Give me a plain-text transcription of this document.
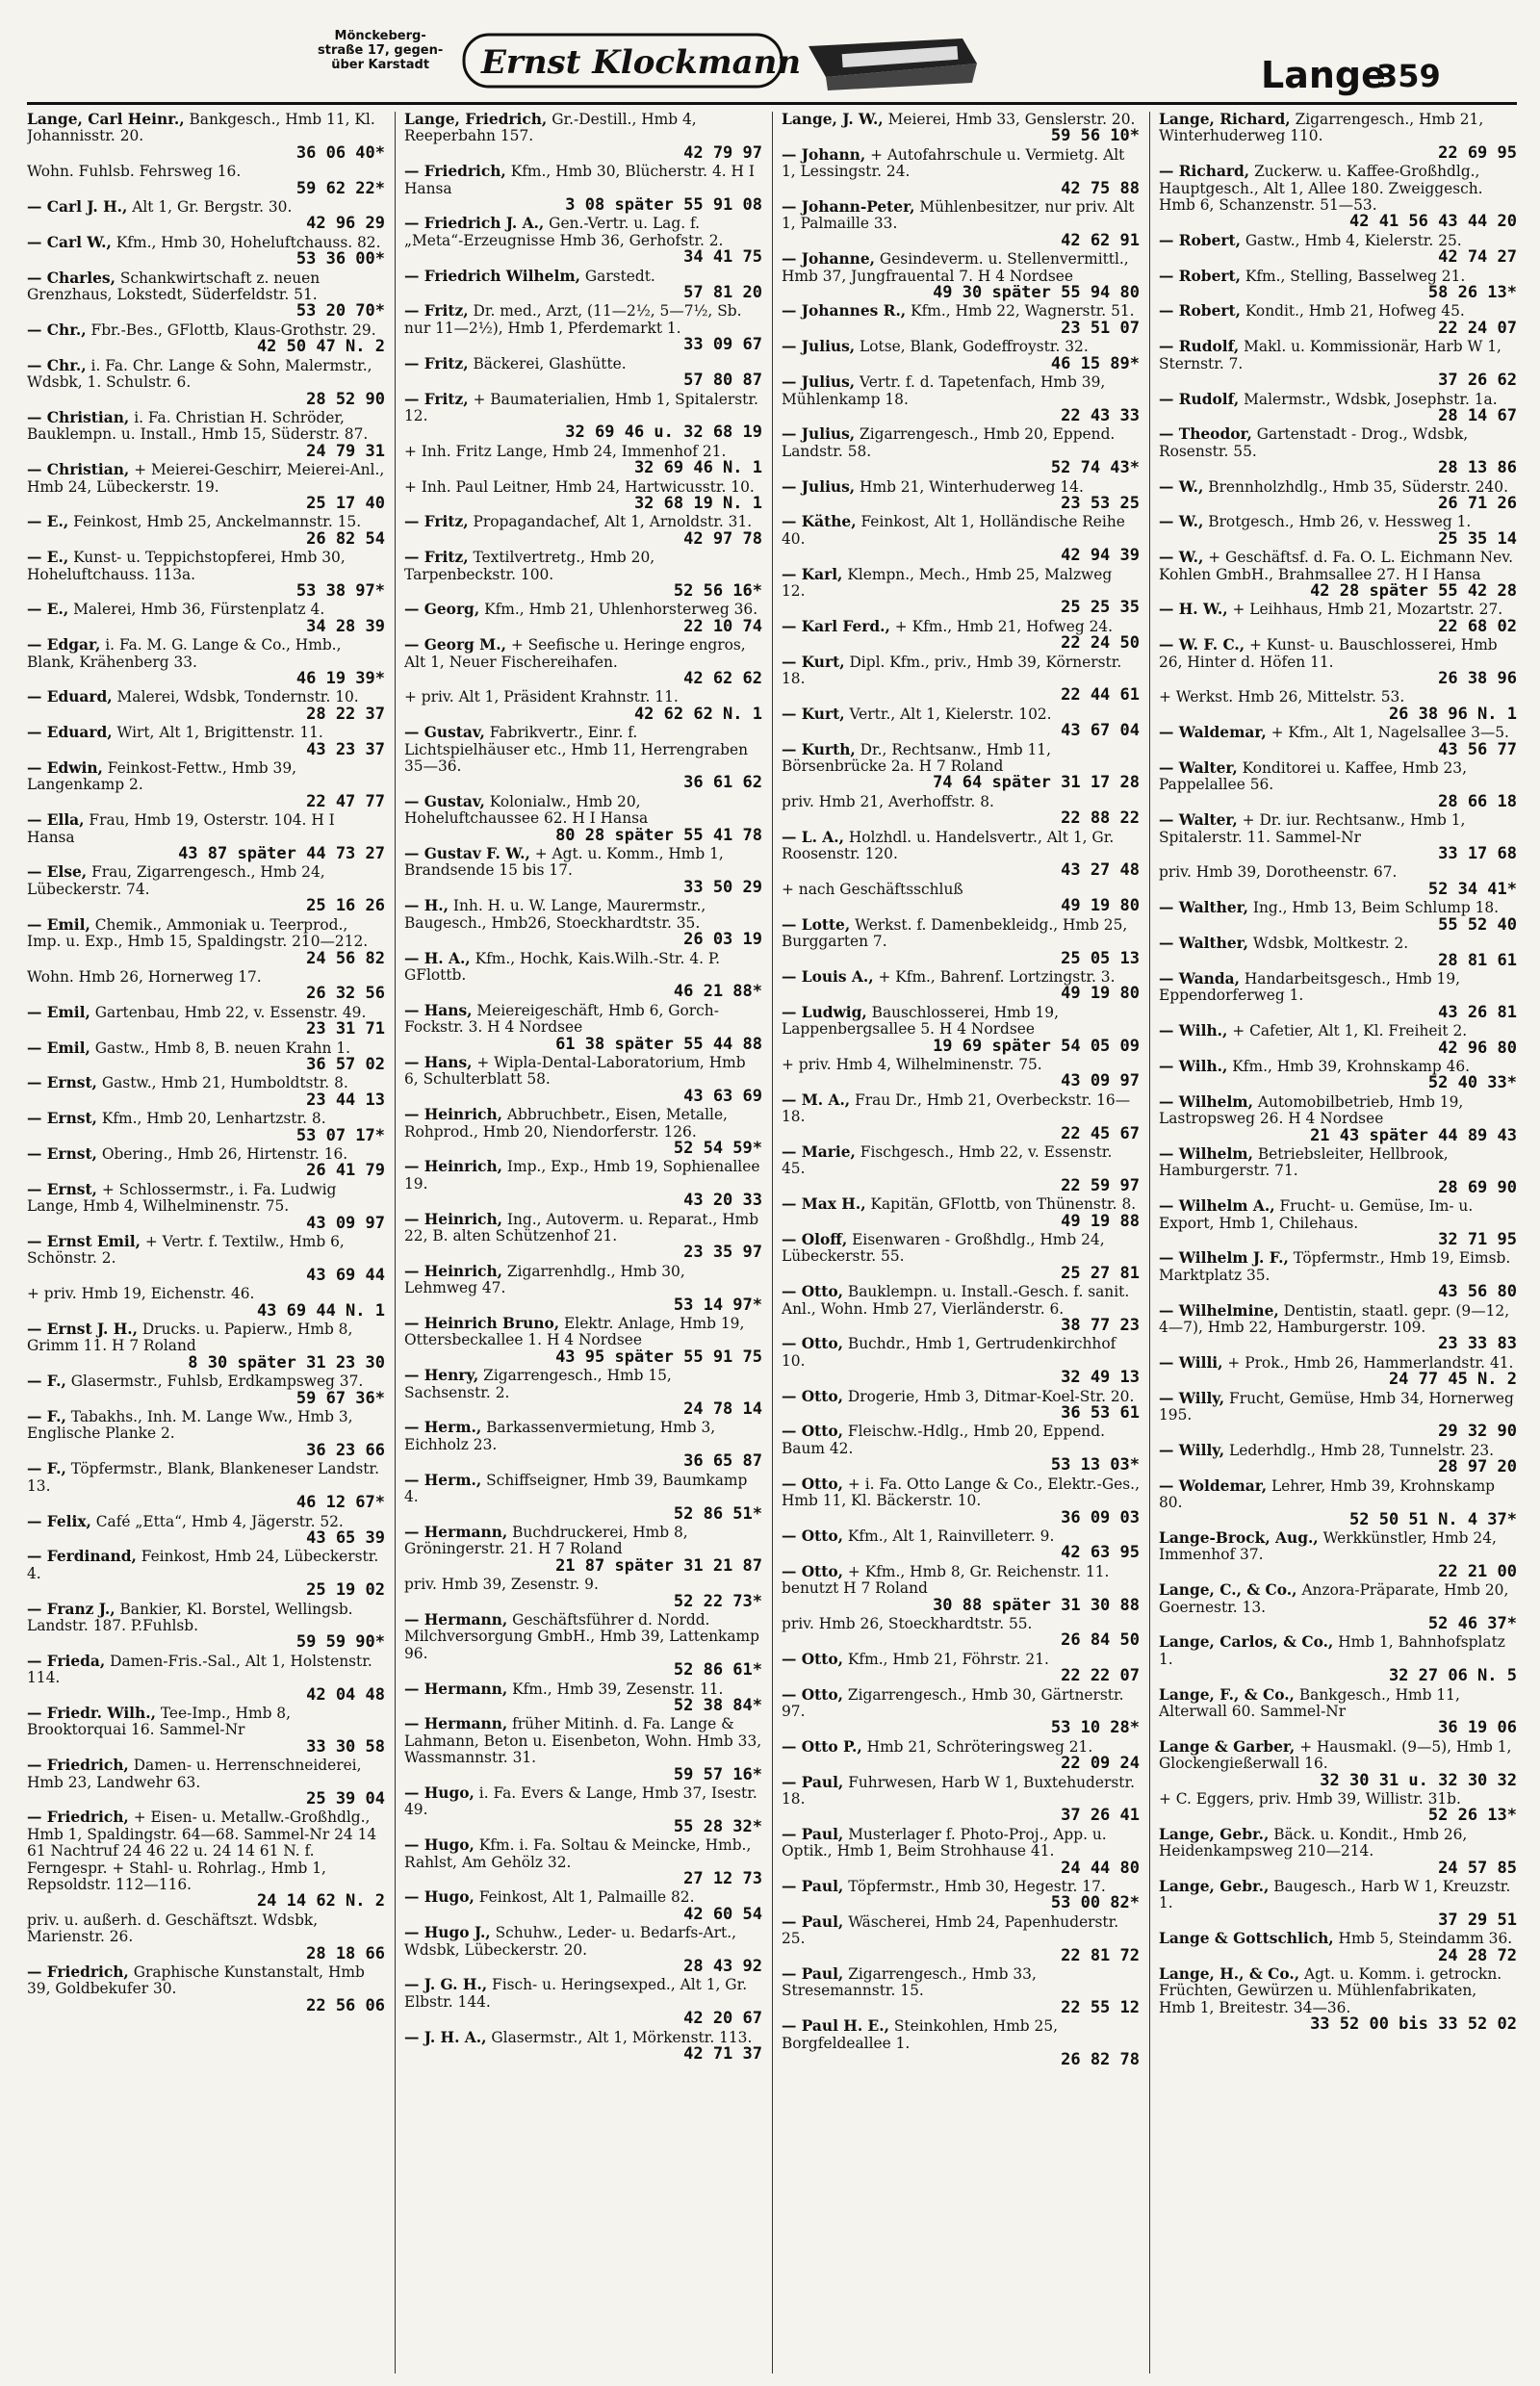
Mönckeberg-
straße 17, gegen-
über Karstadt	Ernst Klockmann	Lange
359
Lange, Carl Heinr., Bankgesch., Hmb 11, Kl. Johannisstr. 20.
36 06 40*
Wohn. Fuhlsb. Fehrsweg 16.
59 62 22*
— Carl J. H., Alt 1, Gr. Bergstr. 30.
42 96 29
— Carl W., Kfm., Hmb 30, Hoheluftchauss. 82.
53 36 00*
— Charles, Schankwirtschaft z. neuen Grenzhaus, Lokstedt, Süderfeldstr. 51.
53 20 70*
— Chr., Fbr.-Bes., GFlottb, Klaus-Grothstr. 29.
42 50 47 N. 2
— Chr., i. Fa. Chr. Lange & Sohn, Malermstr., Wdsbk, 1. Schulstr. 6.
28 52 90
— Christian, i. Fa. Christian H. Schröder, Bauklempn. u. Install., Hmb 15, Süderstr. 87.
24 79 31
— Christian, + Meierei-Geschirr, Meierei-Anl., Hmb 24, Lübeckerstr. 19.
25 17 40
— E., Feinkost, Hmb 25, Anckelmannstr. 15.
26 82 54
— E., Kunst- u. Teppichstopferei, Hmb 30, Hoheluftchauss. 113a.
53 38 97*
— E., Malerei, Hmb 36, Fürstenplatz 4.
34 28 39
— Edgar, i. Fa. M. G. Lange & Co., Hmb., Blank, Krähenberg 33.
46 19 39*
— Eduard, Malerei, Wdsbk, Tondernstr. 10.
28 22 37
— Eduard, Wirt, Alt 1, Brigittenstr. 11.
43 23 37
— Edwin, Feinkost-Fettw., Hmb 39, Langenkamp 2.
22 47 77
— Ella, Frau, Hmb 19, Osterstr. 104. H I Hansa
43 87 später 44 73 27
— Else, Frau, Zigarrengesch., Hmb 24, Lübeckerstr. 74.
25 16 26
— Emil, Chemik., Ammoniak u. Teerprod., Imp. u. Exp., Hmb 15, Spaldingstr. 210—212.
24 56 82
Wohn. Hmb 26, Hornerweg 17.
26 32 56
— Emil, Gartenbau, Hmb 22, v. Essenstr. 49.
23 31 71
— Emil, Gastw., Hmb 8, B. neuen Krahn 1.
36 57 02
— Ernst, Gastw., Hmb 21, Humboldtstr. 8.
23 44 13
— Ernst, Kfm., Hmb 20, Lenhartzstr. 8.
53 07 17*
— Ernst, Obering., Hmb 26, Hirtenstr. 16.
26 41 79
— Ernst, + Schlossermstr., i. Fa. Ludwig Lange, Hmb 4, Wilhelminenstr. 75.
43 09 97
— Ernst Emil, + Vertr. f. Textilw., Hmb 6, Schönstr. 2.
43 69 44
+ priv. Hmb 19, Eichenstr. 46.
43 69 44 N. 1
— Ernst J. H., Drucks. u. Papierw., Hmb 8, Grimm 11. H 7 Roland
8 30 später 31 23 30
— F., Glasermstr., Fuhlsb, Erdkampsweg 37.
59 67 36*
— F., Tabakhs., Inh. M. Lange Ww., Hmb 3, Englische Planke 2.
36 23 66
— F., Töpfermstr., Blank, Blankeneser Landstr. 13.
46 12 67*
— Felix, Café „Etta“, Hmb 4, Jägerstr. 52.
43 65 39
— Ferdinand, Feinkost, Hmb 24, Lübeckerstr. 4.
25 19 02
— Franz J., Bankier, Kl. Borstel, Wellingsb. Landstr. 187. P.Fuhlsb.
59 59 90*
— Frieda, Damen-Fris.-Sal., Alt 1, Holstenstr. 114.
42 04 48
— Friedr. Wilh., Tee-Imp., Hmb 8, Brooktorquai 16. Sammel-Nr
33 30 58
— Friedrich, Damen- u. Herrenschneiderei, Hmb 23, Landwehr 63.
25 39 04
— Friedrich, + Eisen- u. Metallw.-Großhdlg., Hmb 1, Spaldingstr. 64—68. Sammel-Nr 24 14 61 Nachtruf 24 46 22 u. 24 14 61 N. f. Ferngespr. + Stahl- u. Rohrlag., Hmb 1, Repsoldstr. 112—116.
24 14 62 N. 2
priv. u. außerh. d. Geschäftszt. Wdsbk, Marienstr. 26.
28 18 66
— Friedrich, Graphische Kunstanstalt, Hmb 39, Goldbekufer 30.
22 56 06
Lange, Friedrich, Gr.-Destill., Hmb 4, Reeperbahn 157.
42 79 97
— Friedrich, Kfm., Hmb 30, Blücherstr. 4. H I Hansa
3 08 später 55 91 08
— Friedrich J. A., Gen.-Vertr. u. Lag. f. „Meta“-Erzeugnisse Hmb 36, Gerhofstr. 2.
34 41 75
— Friedrich Wilhelm, Garstedt.
57 81 20
— Fritz, Dr. med., Arzt, (11—2½, 5—7½, Sb. nur 11—2½), Hmb 1, Pferdemarkt 1.
33 09 67
— Fritz, Bäckerei, Glashütte.
57 80 87
— Fritz, + Baumaterialien, Hmb 1, Spitalerstr. 12.
32 69 46 u. 32 68 19
+ Inh. Fritz Lange, Hmb 24, Immenhof 21.
32 69 46 N. 1
+ Inh. Paul Leitner, Hmb 24, Hartwicusstr. 10.
32 68 19 N. 1
— Fritz, Propagandachef, Alt 1, Arnoldstr. 31.
42 97 78
— Fritz, Textilvertretg., Hmb 20, Tarpenbeckstr. 100.
52 56 16*
— Georg, Kfm., Hmb 21, Uhlenhorsterweg 36.
22 10 74
— Georg M., + Seefische u. Heringe engros, Alt 1, Neuer Fischereihafen.
42 62 62
+ priv. Alt 1, Präsident Krahnstr. 11.
42 62 62 N. 1
— Gustav, Fabrikvertr., Einr. f. Lichtspielhäuser etc., Hmb 11, Herrengraben 35—36.
36 61 62
— Gustav, Kolonialw., Hmb 20, Hoheluftchaussee 62. H I Hansa
80 28 später 55 41 78
— Gustav F. W., + Agt. u. Komm., Hmb 1, Brandsende 15 bis 17.
33 50 29
— H., Inh. H. u. W. Lange, Maurermstr., Baugesch., Hmb26, Stoeckhardtstr. 35.
26 03 19
— H. A., Kfm., Hochk, Kais.Wilh.-Str. 4. P. GFlottb.
46 21 88*
— Hans, Meiereigeschäft, Hmb 6, Gorch-Fockstr. 3. H 4 Nordsee
61 38 später 55 44 88
— Hans, + Wipla-Dental-Laboratorium, Hmb 6, Schulterblatt 58.
43 63 69
— Heinrich, Abbruchbetr., Eisen, Metalle, Rohprod., Hmb 20, Niendorferstr. 126.
52 54 59*
— Heinrich, Imp., Exp., Hmb 19, Sophienallee 19.
43 20 33
— Heinrich, Ing., Autoverm. u. Reparat., Hmb 22, B. alten Schützenhof 21.
23 35 97
— Heinrich, Zigarrenhdlg., Hmb 30, Lehmweg 47.
53 14 97*
— Heinrich Bruno, Elektr. Anlage, Hmb 19, Ottersbeckallee 1. H 4 Nordsee
43 95 später 55 91 75
— Henry, Zigarrengesch., Hmb 15, Sachsenstr. 2.
24 78 14
— Herm., Barkassenvermietung, Hmb 3, Eichholz 23.
36 65 87
— Herm., Schiffseigner, Hmb 39, Baumkamp 4.
52 86 51*
— Hermann, Buchdruckerei, Hmb 8, Gröningerstr. 21. H 7 Roland
21 87 später 31 21 87
priv. Hmb 39, Zesenstr. 9.
52 22 73*
— Hermann, Geschäftsführer d. Nordd. Milchversorgung GmbH., Hmb 39, Lattenkamp 96.
52 86 61*
— Hermann, Kfm., Hmb 39, Zesenstr. 11.
52 38 84*
— Hermann, früher Mitinh. d. Fa. Lange & Lahmann, Beton u. Eisenbeton, Wohn. Hmb 33, Wassmannstr. 31.
59 57 16*
— Hugo, i. Fa. Evers & Lange, Hmb 37, Isestr. 49.
55 28 32*
— Hugo, Kfm. i. Fa. Soltau & Meincke, Hmb., Rahlst, Am Gehölz 32.
27 12 73
— Hugo, Feinkost, Alt 1, Palmaille 82.
42 60 54
— Hugo J., Schuhw., Leder- u. Bedarfs-Art., Wdsbk, Lübeckerstr. 20.
28 43 92
— J. G. H., Fisch- u. Heringsexped., Alt 1, Gr. Elbstr. 144.
42 20 67
— J. H. A., Glasermstr., Alt 1, Mörkenstr. 113.
42 71 37
Lange, J. W., Meierei, Hmb 33, Genslerstr. 20.
59 56 10*
— Johann, + Autofahrschule u. Vermietg. Alt 1, Lessingstr. 24.
42 75 88
— Johann-Peter, Mühlenbesitzer, nur priv. Alt 1, Palmaille 33.
42 62 91
— Johanne, Gesindeverm. u. Stellenvermittl., Hmb 37, Jungfrauental 7. H 4 Nordsee
49 30 später 55 94 80
— Johannes R., Kfm., Hmb 22, Wagnerstr. 51.
23 51 07
— Julius, Lotse, Blank, Godeffroystr. 32.
46 15 89*
— Julius, Vertr. f. d. Tapetenfach, Hmb 39, Mühlenkamp 18.
22 43 33
— Julius, Zigarrengesch., Hmb 20, Eppend. Landstr. 58.
52 74 43*
— Julius, Hmb 21, Winterhuderweg 14.
23 53 25
— Käthe, Feinkost, Alt 1, Holländische Reihe 40.
42 94 39
— Karl, Klempn., Mech., Hmb 25, Malzweg 12.
25 25 35
— Karl Ferd., + Kfm., Hmb 21, Hofweg 24.
22 24 50
— Kurt, Dipl. Kfm., priv., Hmb 39, Körnerstr. 18.
22 44 61
— Kurt, Vertr., Alt 1, Kielerstr. 102.
43 67 04
— Kurth, Dr., Rechtsanw., Hmb 11, Börsenbrücke 2a. H 7 Roland
74 64 später 31 17 28
priv. Hmb 21, Averhoffstr. 8.
22 88 22
— L. A., Holzhdl. u. Handelsvertr., Alt 1, Gr. Roosenstr. 120.
43 27 48
+ nach Geschäftsschluß
49 19 80
— Lotte, Werkst. f. Damenbekleidg., Hmb 25, Burggarten 7.
25 05 13
— Louis A., + Kfm., Bahrenf. Lortzingstr. 3.
49 19 80
— Ludwig, Bauschlosserei, Hmb 19, Lappenbergsallee 5. H 4 Nordsee
19 69 später 54 05 09
+ priv. Hmb 4, Wilhelminenstr. 75.
43 09 97
— M. A., Frau Dr., Hmb 21, Overbeckstr. 16—18.
22 45 67
— Marie, Fischgesch., Hmb 22, v. Essenstr. 45.
22 59 97
— Max H., Kapitän, GFlottb, von Thünenstr. 8.
49 19 88
— Oloff, Eisenwaren - Großhdlg., Hmb 24, Lübeckerstr. 55.
25 27 81
— Otto, Bauklempn. u. Install.-Gesch. f. sanit. Anl., Wohn. Hmb 27, Vierländerstr. 6.
38 77 23
— Otto, Buchdr., Hmb 1, Gertrudenkirchhof 10.
32 49 13
— Otto, Drogerie, Hmb 3, Ditmar-Koel-Str. 20.
36 53 61
— Otto, Fleischw.-Hdlg., Hmb 20, Eppend. Baum 42.
53 13 03*
— Otto, + i. Fa. Otto Lange & Co., Elektr.-Ges., Hmb 11, Kl. Bäckerstr. 10.
36 09 03
— Otto, Kfm., Alt 1, Rainvilleterr. 9.
42 63 95
— Otto, + Kfm., Hmb 8, Gr. Reichenstr. 11. benutzt H 7 Roland
30 88 später 31 30 88
priv. Hmb 26, Stoeckhardtstr. 55.
26 84 50
— Otto, Kfm., Hmb 21, Föhrstr. 21.
22 22 07
— Otto, Zigarrengesch., Hmb 30, Gärtnerstr. 97.
53 10 28*
— Otto P., Hmb 21, Schröteringsweg 21.
22 09 24
— Paul, Fuhrwesen, Harb W 1, Buxtehuderstr. 18.
37 26 41
— Paul, Musterlager f. Photo-Proj., App. u. Optik., Hmb 1, Beim Strohhause 41.
24 44 80
— Paul, Töpfermstr., Hmb 30, Hegestr. 17.
53 00 82*
— Paul, Wäscherei, Hmb 24, Papenhuderstr. 25.
22 81 72
— Paul, Zigarrengesch., Hmb 33, Stresemannstr. 15.
22 55 12
— Paul H. E., Steinkohlen, Hmb 25, Borgfeldeallee 1.
26 82 78
Lange, Richard, Zigarrengesch., Hmb 21, Winterhuderweg 110.
22 69 95
— Richard, Zuckerw. u. Kaffee-Großhdlg., Hauptgesch., Alt 1, Allee 180. Zweiggesch. Hmb 6, Schanzenstr. 51—53.
42 41 56 43 44 20
— Robert, Gastw., Hmb 4, Kielerstr. 25.
42 74 27
— Robert, Kfm., Stelling, Basselweg 21.
58 26 13*
— Robert, Kondit., Hmb 21, Hofweg 45.
22 24 07
— Rudolf, Makl. u. Kommissionär, Harb W 1, Sternstr. 7.
37 26 62
— Rudolf, Malermstr., Wdsbk, Josephstr. 1a.
28 14 67
— Theodor, Gartenstadt - Drog., Wdsbk, Rosenstr. 55.
28 13 86
— W., Brennholzhdlg., Hmb 35, Süderstr. 240.
26 71 26
— W., Brotgesch., Hmb 26, v. Hessweg 1.
25 35 14
— W., + Geschäftsf. d. Fa. O. L. Eichmann Nev. Kohlen GmbH., Brahmsallee 27. H I Hansa
42 28 später 55 42 28
— H. W., + Leihhaus, Hmb 21, Mozartstr. 27.
22 68 02
— W. F. C., + Kunst- u. Bauschlosserei, Hmb 26, Hinter d. Höfen 11.
26 38 96
+ Werkst. Hmb 26, Mittelstr. 53.
26 38 96 N. 1
— Waldemar, + Kfm., Alt 1, Nagelsallee 3—5.
43 56 77
— Walter, Konditorei u. Kaffee, Hmb 23, Pappelallee 56.
28 66 18
— Walter, + Dr. iur. Rechtsanw., Hmb 1, Spitalerstr. 11. Sammel-Nr
33 17 68
priv. Hmb 39, Dorotheenstr. 67.
52 34 41*
— Walther, Ing., Hmb 13, Beim Schlump 18.
55 52 40
— Walther, Wdsbk, Moltkestr. 2.
28 81 61
— Wanda, Handarbeitsgesch., Hmb 19, Eppendorferweg 1.
43 26 81
— Wilh., + Cafetier, Alt 1, Kl. Freiheit 2.
42 96 80
— Wilh., Kfm., Hmb 39, Krohnskamp 46.
52 40 33*
— Wilhelm, Automobilbetrieb, Hmb 19, Lastropsweg 26. H 4 Nordsee
21 43 später 44 89 43
— Wilhelm, Betriebsleiter, Hellbrook, Hamburgerstr. 71.
28 69 90
— Wilhelm A., Frucht- u. Gemüse, Im- u. Export, Hmb 1, Chilehaus.
32 71 95
— Wilhelm J. F., Töpfermstr., Hmb 19, Eimsb. Marktplatz 35.
43 56 80
— Wilhelmine, Dentistin, staatl. gepr. (9—12, 4—7), Hmb 22, Hamburgerstr. 109.
23 33 83
— Willi, + Prok., Hmb 26, Hammerlandstr. 41.
24 77 45 N. 2
— Willy, Frucht, Gemüse, Hmb 34, Hornerweg 195.
29 32 90
— Willy, Lederhdlg., Hmb 28, Tunnelstr. 23.
28 97 20
— Woldemar, Lehrer, Hmb 39, Krohnskamp 80.
52 50 51 N. 4 37*
Lange-Brock, Aug., Werkkünstler, Hmb 24, Immenhof 37.
22 21 00
Lange, C., & Co., Anzora-Präparate, Hmb 20, Goernestr. 13.
52 46 37*
Lange, Carlos, & Co., Hmb 1, Bahnhofsplatz 1.
32 27 06 N. 5
Lange, F., & Co., Bankgesch., Hmb 11, Alterwall 60. Sammel-Nr
36 19 06
Lange & Garber, + Hausmakl. (9—5), Hmb 1, Glockengießerwall 16.
32 30 31 u. 32 30 32
+ C. Eggers, priv. Hmb 39, Willistr. 31b.
52 26 13*
Lange, Gebr., Bäck. u. Kondit., Hmb 26, Heidenkampsweg 210—214.
24 57 85
Lange, Gebr., Baugesch., Harb W 1, Kreuzstr. 1.
37 29 51
Lange & Gottschlich, Hmb 5, Steindamm 36.
24 28 72
Lange, H., & Co., Agt. u. Komm. i. getrockn. Früchten, Gewürzen u. Mühlenfabrikaten, Hmb 1, Breitestr. 34—36.
33 52 00 bis 33 52 02
